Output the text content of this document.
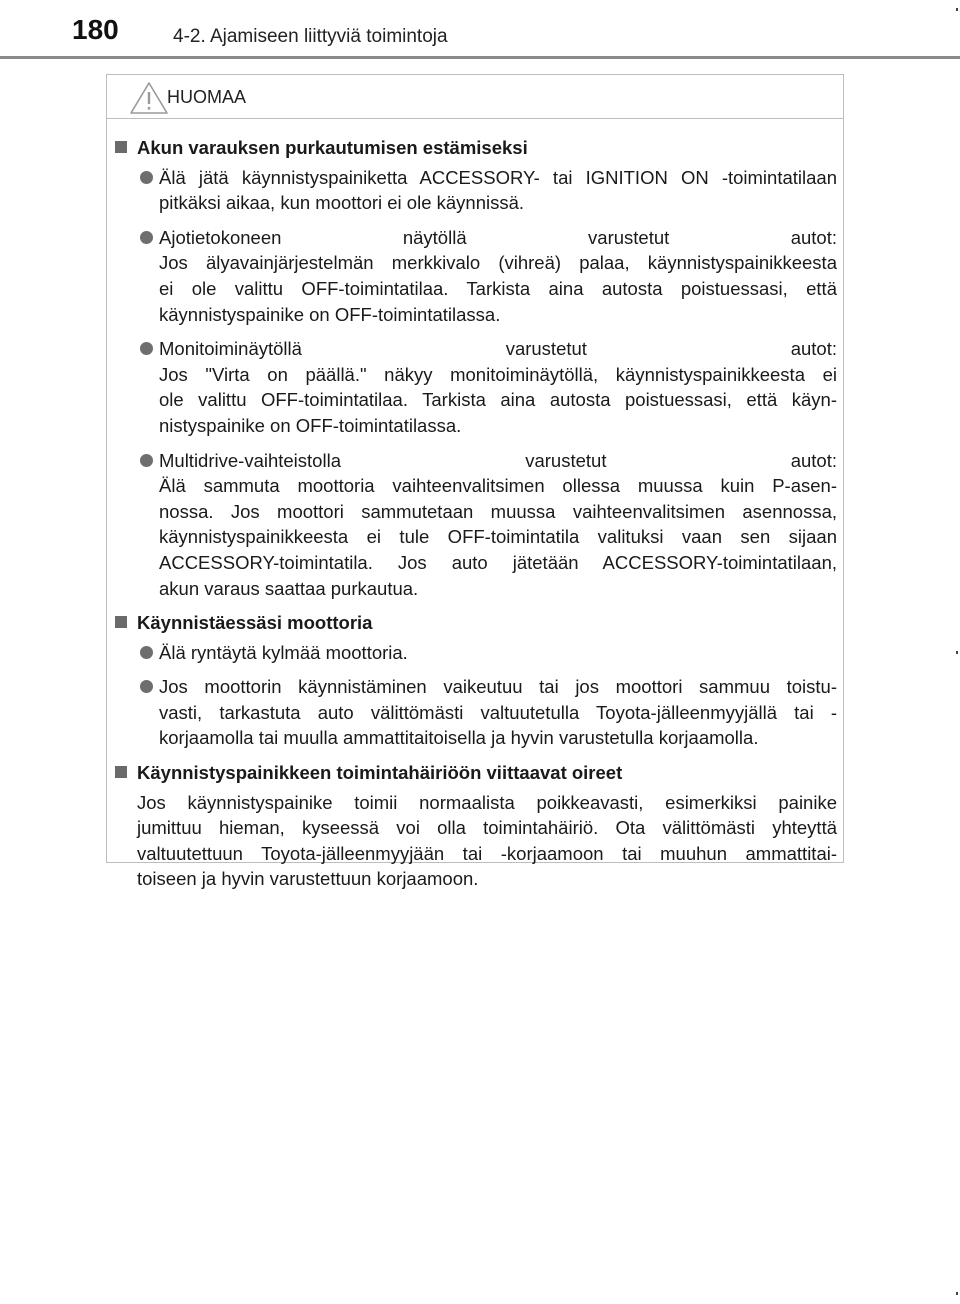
180	4-2. Ajamiseen liittyviä toimintoja
HUOMAA
Akun varauksen purkautumisen estämiseksi
Älä jätä käynnistyspainiketta ACCESSORY- tai IGNITION ON -toimintatilaan
pitkäksi aikaa, kun moottori ei ole käynnissä.
Ajotietokoneen näytöllä varustetut autot:
Jos älyavainjärjestelmän merkkivalo (vihreä) palaa, käynnistyspainikkeesta
ei ole valittu OFF-toimintatilaa. Tarkista aina autosta poistuessasi, että
käynnistyspainike on OFF-toimintatilassa.
Monitoiminäytöllä varustetut autot:
Jos "Virta on päällä." näkyy monitoiminäytöllä, käynnistyspainikkeesta ei
ole valittu OFF-toimintatilaa. Tarkista aina autosta poistuessasi, että käyn-
nistyspainike on OFF-toimintatilassa.
Multidrive-vaihteistolla varustetut autot:
Älä sammuta moottoria vaihteenvalitsimen ollessa muussa kuin P-asen-
nossa. Jos moottori sammutetaan muussa vaihteenvalitsimen asennossa,
käynnistyspainikkeesta ei tule OFF-toimintatila valituksi vaan sen sijaan
ACCESSORY-toimintatila. Jos auto jätetään ACCESSORY-toimintatilaan,
akun varaus saattaa purkautua.
Käynnistäessäsi moottoria
Älä ryntäytä kylmää moottoria.
Jos moottorin käynnistäminen vaikeutuu tai jos moottori sammuu toistu-
vasti, tarkastuta auto välittömästi valtuutetulla Toyota-jälleenmyyjällä tai -
korjaamolla tai muulla ammattitaitoisella ja hyvin varustetulla korjaamolla.
Käynnistyspainikkeen toimintahäiriöön viittaavat oireet
Jos käynnistyspainike toimii normaalista poikkeavasti, esimerkiksi painike
jumittuu hieman, kyseessä voi olla toimintahäiriö. Ota välittömästi yhteyttä
valtuutettuun Toyota-jälleenmyyjään tai -korjaamoon tai muuhun ammattitai-
toiseen ja hyvin varustettuun korjaamoon.
